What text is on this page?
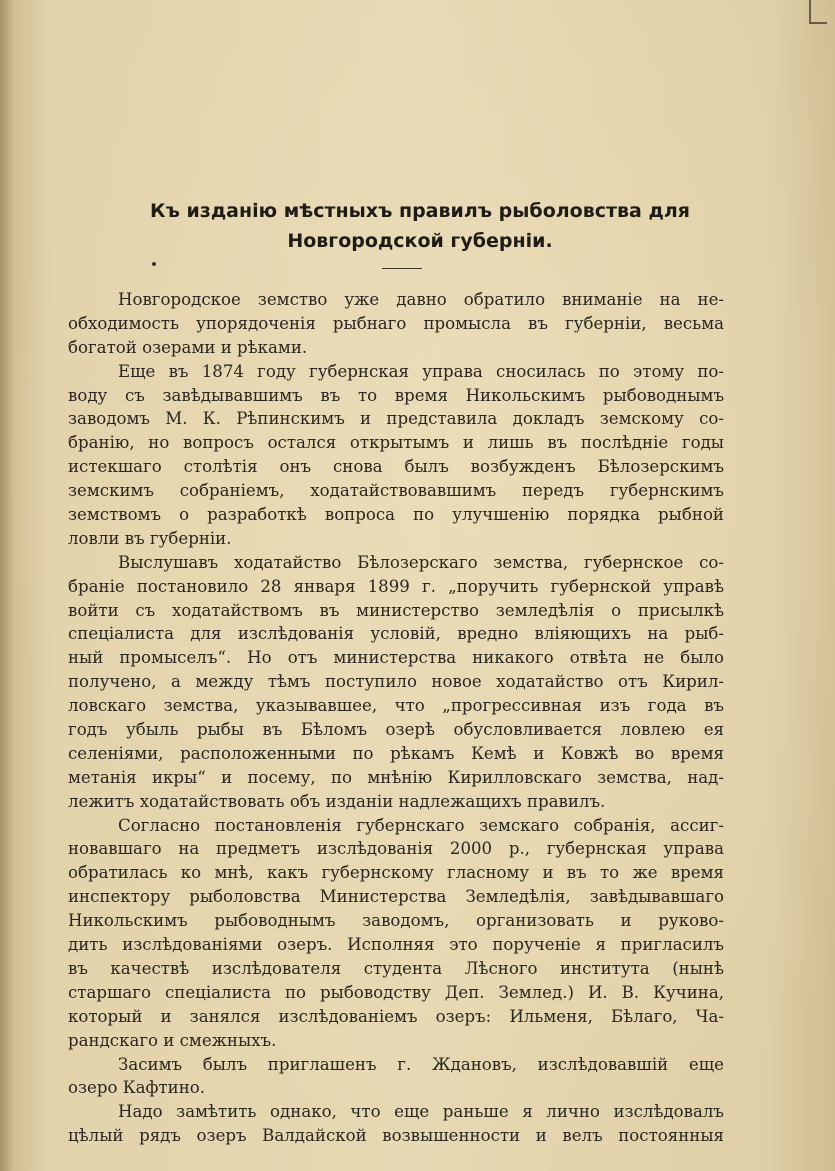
Къ изданію мѣстныхъ правилъ рыболовства для
Новгородской губерніи.
Новгородское земство уже давно обратило вниманіе на не-
обходимость упорядоченія рыбнаго промысла въ губерніи, весьма
богатой озерами и рѣками.
Еще въ 1874 году губернская управа сносилась по этому по-
воду съ завѣдывавшимъ въ то время Никольскимъ рыбоводнымъ
заводомъ М. К. Рѣпинскимъ и представила докладъ земскому со-
бранію, но вопросъ остался открытымъ и лишь въ послѣдніе годы
истекшаго столѣтія онъ снова былъ возбужденъ Бѣлозерскимъ
земскимъ собраніемъ, ходатайствовавшимъ передъ губернскимъ
земствомъ о разработкѣ вопроса по улучшенію порядка рыбной
ловли въ губерніи.
Выслушавъ ходатайство Бѣлозерскаго земства, губернское со-
браніе постановило 28 января 1899 г. „поручить губернской управѣ
войти съ ходатайствомъ въ министерство земледѣлія о присылкѣ
спеціалиста для изслѣдованія условій, вредно вліяющихъ на рыб-
ный промыселъ“. Но отъ министерства никакого отвѣта не было
получено, а между тѣмъ поступило новое ходатайство отъ Кирил-
ловскаго земства, указывавшее, что „прогрессивная изъ года въ
годъ убыль рыбы въ Бѣломъ озерѣ обусловливается ловлею ея
селеніями, расположенными по рѣкамъ Кемѣ и Ковжѣ во время
метанія икры“ и посему, по мнѣнію Кирилловскаго земства, над-
лежитъ ходатайствовать объ изданіи надлежащихъ правилъ.
Согласно постановленія губернскаго земскаго собранія, ассиг-
новавшаго на предметъ изслѣдованія 2000 р., губернская управа
обратилась ко мнѣ, какъ губернскому гласному и въ то же время
инспектору рыболовства Министерства Земледѣлія, завѣдывавшаго
Никольскимъ рыбоводнымъ заводомъ, организовать и руково-
дить изслѣдованіями озеръ. Исполняя это порученіе я пригласилъ
въ качествѣ изслѣдователя студента Лѣсного института (нынѣ
старшаго спеціалиста по рыбоводству Деп. Землед.) И. В. Кучина,
который и занялся изслѣдованіемъ озеръ: Ильменя, Бѣлаго, Ча-
рандскаго и смежныхъ.
Засимъ былъ приглашенъ г. Ждановъ, изслѣдовавшій еще
озеро Кафтино.
Надо замѣтить однако, что еще раньше я лично изслѣдовалъ
цѣлый рядъ озеръ Валдайской возвышенности и велъ постоянныя
